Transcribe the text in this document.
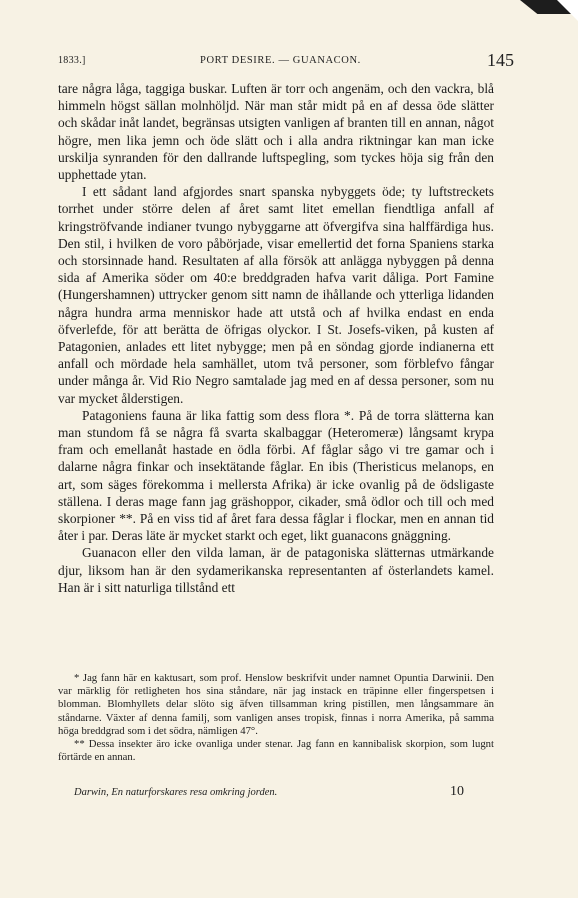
1833.]	PORT DESIRE. — GUANACON.	145

tare några låga, taggiga buskar. Luften är torr och angenäm, och den vackra, blå himmeln högst sällan molnhöljd. När man står midt på en af dessa öde slätter och skådar inåt landet, begränsas utsigten vanligen af branten till en annan, något högre, men lika jemn och öde slätt och i alla andra riktningar kan man icke urskilja synranden för den dallrande luftspegling, som tyckes höja sig från den upphettade ytan.

I ett sådant land afgjordes snart spanska nybyggets öde; ty luftstreckets torrhet under större delen af året samt litet emellan fiendtliga anfall af kringströfvande indianer tvungo nybyggarne att öfvergifva sina halffärdiga hus. Den stil, i hvilken de voro påbörjade, visar emellertid det forna Spaniens starka och storsinnade hand. Resultaten af alla försök att anlägga nybyggen på denna sida af Amerika söder om 40:e breddgraden hafva varit dåliga. Port Famine (Hungershamnen) uttrycker genom sitt namn de ihållande och ytterliga lidanden några hundra arma menniskor hade att utstå och af hvilka endast en enda öfverlefde, för att berätta de öfrigas olyckor. I St. Josefs-viken, på kusten af Patagonien, anlades ett litet nybygge; men på en söndag gjorde indianerna ett anfall och mördade hela samhället, utom två personer, som förblefvo fångar under många år. Vid Rio Negro samtalade jag med en af dessa personer, som nu var mycket ålderstigen.

Patagoniens fauna är lika fattig som dess flora *. På de torra slätterna kan man stundom få se några få svarta skalbaggar (Heteromeræ) långsamt krypa fram och emellanåt hastade en ödla förbi. Af fåglar sågo vi tre gamar och i dalarne några finkar och insektätande fåglar. En ibis (Theristicus melanops, en art, som säges förekomma i mellersta Afrika) är icke ovanlig på de ödsligaste ställena. I deras mage fann jag gräshoppor, cikader, små ödlor och till och med skorpioner **. På en viss tid af året fara dessa fåglar i flockar, men en annan tid åter i par. Deras läte är mycket starkt och eget, likt guanacons gnäggning.

Guanacon eller den vilda laman, är de patagoniska slätternas utmärkande djur, liksom han är den sydamerikanska representanten af österlandets kamel. Han är i sitt naturliga tillstånd ett

* Jag fann här en kaktusart, som prof. Henslow beskrifvit under namnet Opuntia Darwinii. Den var märklig för retligheten hos sina ståndare, när jag instack en träpinne eller fingerspetsen i blomman. Blomhyllets delar slöto sig äfven tillsamman kring pistillen, men långsammare än ståndarne. Växter af denna familj, som vanligen anses tropisk, finnas i norra Amerika, på samma höga breddgrad som i det södra, nämligen 47°.

** Dessa insekter äro icke ovanliga under stenar. Jag fann en kannibalisk skorpion, som lugnt förtärde en annan.

Darwin, En naturforskares resa omkring jorden.	10
